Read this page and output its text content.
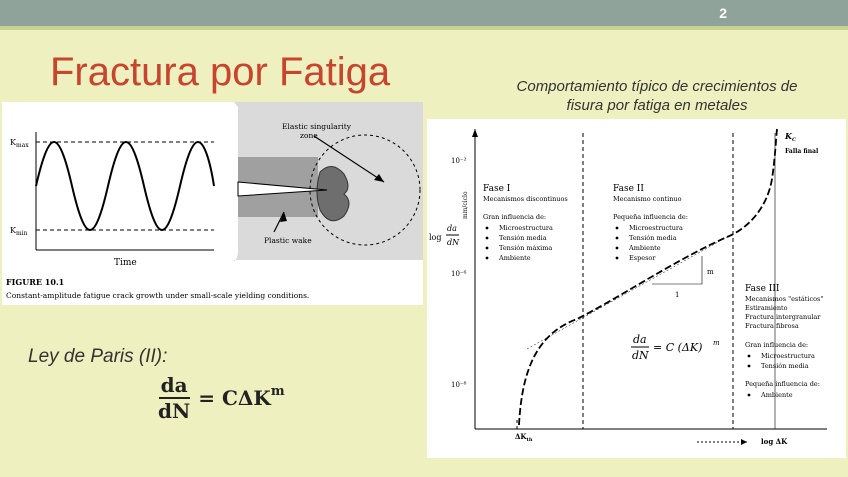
2
Fractura por Fatiga	Comportamiento típico de crecimientos de
fisura por fatiga en metales
$K_{max}$
$K_{min}$
Time
Elastic singularity
zone
Plastic wake
FIGURE 10.1
Constant-amplitude fatigue crack growth under small-scale yielding conditions.
10⁻²
10⁻⁶
10⁻⁸
mm/ciclo
log
da
dN
log ΔK
m
1
$\Delta K_{th}$
$K_C$
Falla final
Fase I
Mecanismos discontinuos
Gran influencia de:
Microestructura
Tensión media
Tensión máxima
Ambiente
Fase II
Mecanismo continuo
Pequeña influencia de:
Microestructura
Tensión media
Ambiente
Espesor
Fase III
Mecanismos "estáticos"
Estiramiento
Fractura intergranular
Fractura fibrosa
Gran influencia de:
Microestructura
Tensión media
Pequeña influencia de:
Ambiente
da
dN
= C (ΔK) m
Ley de Paris (II):
$\frac{da}{dN} = C\Delta K^m$
